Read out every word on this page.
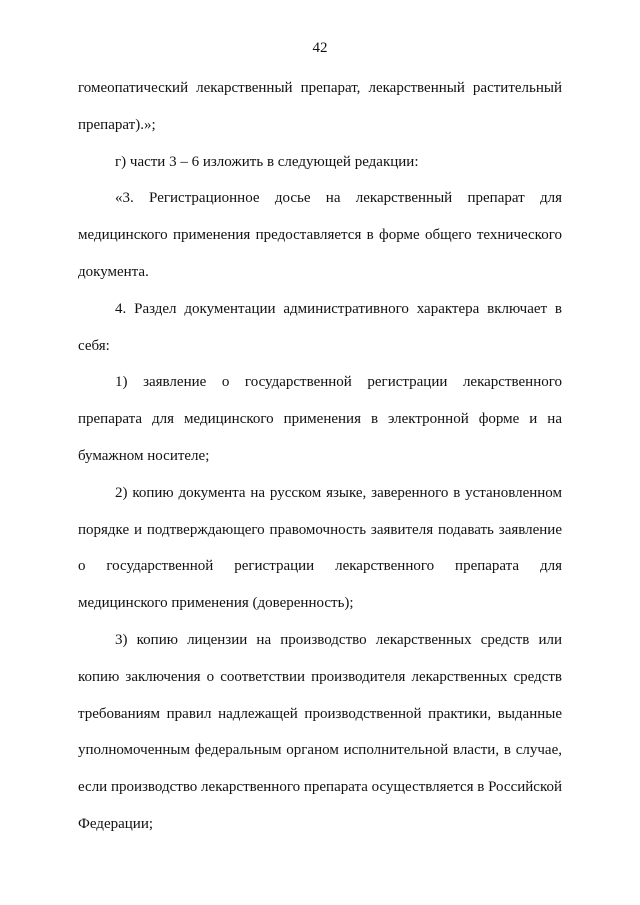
42
гомеопатический лекарственный препарат, лекарственный растительный
препарат).»;
г) части 3 – 6 изложить в следующей редакции:
«3. Регистрационное досье на лекарственный препарат для
медицинского применения предоставляется в форме общего технического
документа.
4. Раздел документации административного характера включает в
себя:
1) заявление о государственной регистрации лекарственного
препарата для медицинского применения в электронной форме и на
бумажном носителе;
2) копию документа на русском языке, заверенного в установленном
порядке и подтверждающего правомочность заявителя подавать заявление
о государственной регистрации лекарственного препарата для
медицинского применения (доверенность);
3) копию лицензии на производство лекарственных средств или
копию заключения о соответствии производителя лекарственных средств
требованиям правил надлежащей производственной практики, выданные
уполномоченным федеральным органом исполнительной власти, в случае,
если производство лекарственного препарата осуществляется в Российской
Федерации;
